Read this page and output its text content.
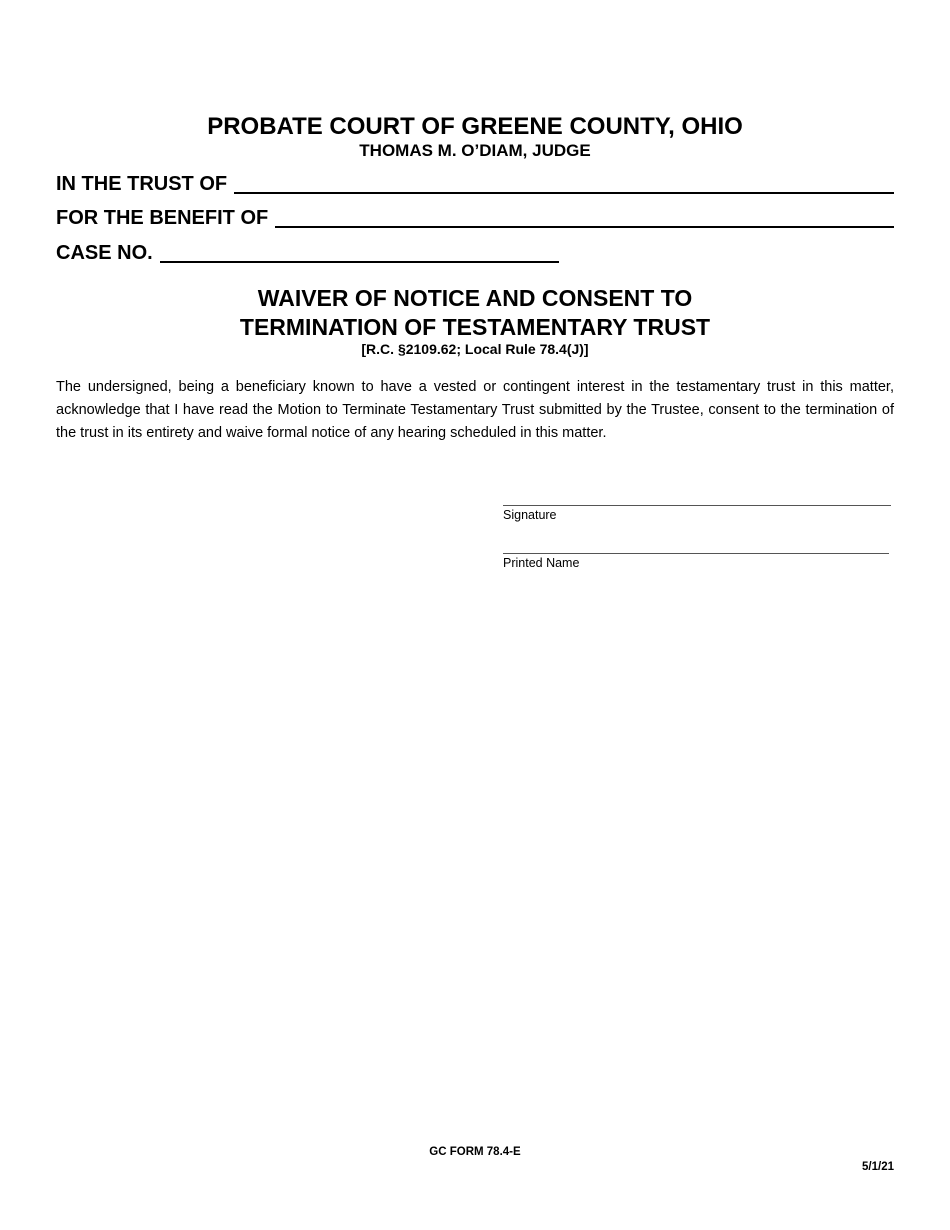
PROBATE COURT OF GREENE COUNTY, OHIO
THOMAS M. O’DIAM, JUDGE
IN THE TRUST OF
FOR THE BENEFIT OF
CASE NO.
WAIVER OF NOTICE AND CONSENT TO
TERMINATION OF TESTAMENTARY TRUST
[R.C. §2109.62; Local Rule 78.4(J)]
The undersigned, being a beneficiary known to have a vested or contingent interest in the testamentary trust in this matter, acknowledge that I have read the Motion to Terminate Testamentary Trust submitted by the Trustee, consent to the termination of the trust in its entirety and waive formal notice of any hearing scheduled in this matter.
Signature
Printed Name
GC FORM 78.4-E
5/1/21
